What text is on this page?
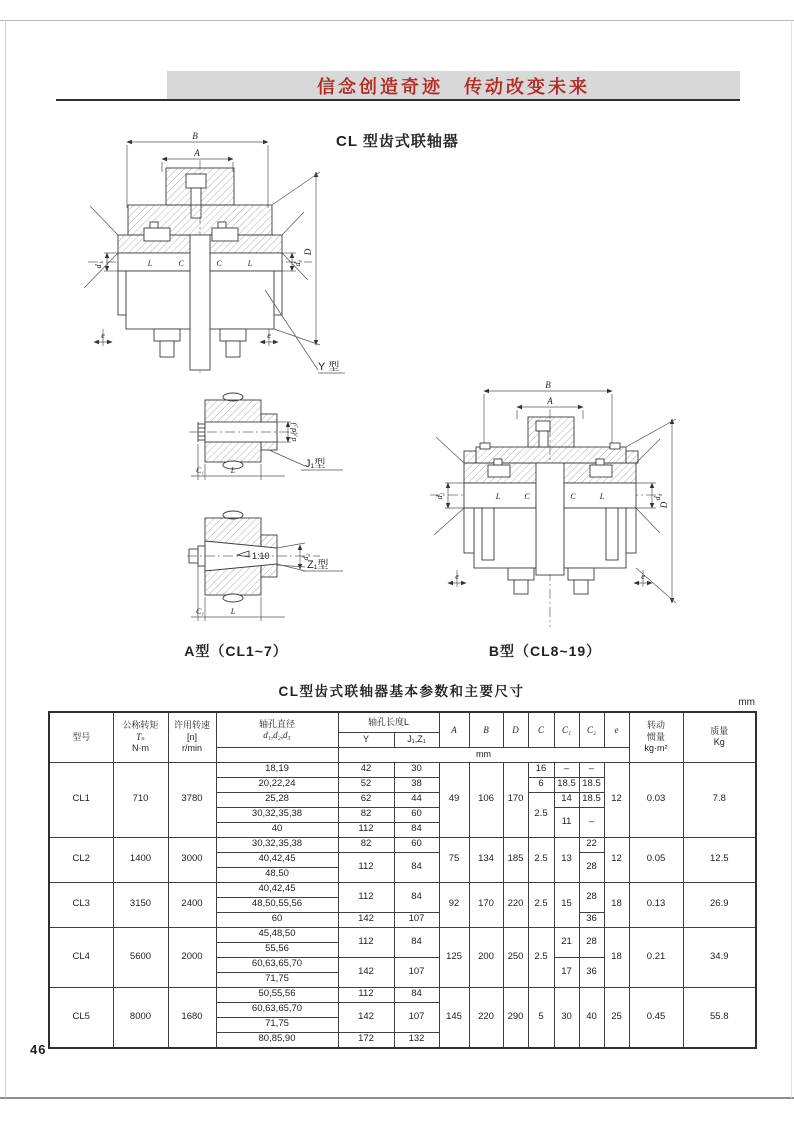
信念创造奇迹　传动改变未来
CL 型齿式联轴器
B
A
L	C	C	L
e	e
d₁	d₂
D
Y 型
d₁(d₂)
C₁	L
J₁型
1:10	d₂
Z₁型
C₁	L
A型（CL1~7）
B
A
L	C	C	L
e	e
d₁	d₂
D
B型（CL8~19）
CL型齿式联轴器基本参数和主要尺寸
mm
型号	公称转矩
Tₙ
N·m	许用转速
[n]
r/min	轴孔直径
d₁,d₂,d₃	轴孔长度L		A	B	D	C	C₁	C₂	e	转动
惯量
kg·m²	质量
Kg

				Y	J₁,Z₁									
				mm										
CL1	710	3780	18,19	42	30	49	106	170	16	–	–	12	0.03	7.8
			20,22,24	52	38				6	18.5	18.5			
			25,28	62	44				2.5	14	18.5			
			30,32,35,38	82	60					11	–			
			40	112	84									
CL2	1400	3000	30,32,35,38	82	60	75	134	185	2.5	13	22	12	0.05	12.5
			40,42,45	112	84						28			
			48,50											
CL3	3150	2400	40,42,45	112	84	92	170	220	2.5	15	28	18	0.13	26.9
			48,50,55,56											
			60	142	107						36			
CL4	5600	2000	45,48,50	112	84	125	200	250	2.5	21	28	18	0.21	34.9
			55,56											
			60,63,65,70	142	107					17	36			
			71,75											
CL5	8000	1680	50,55,56	112	84	145	220	290	5	30	40	25	0.45	55.8
			60,63,65,70	142	107									
			71,75											
			80,85,90	172	132									
46
